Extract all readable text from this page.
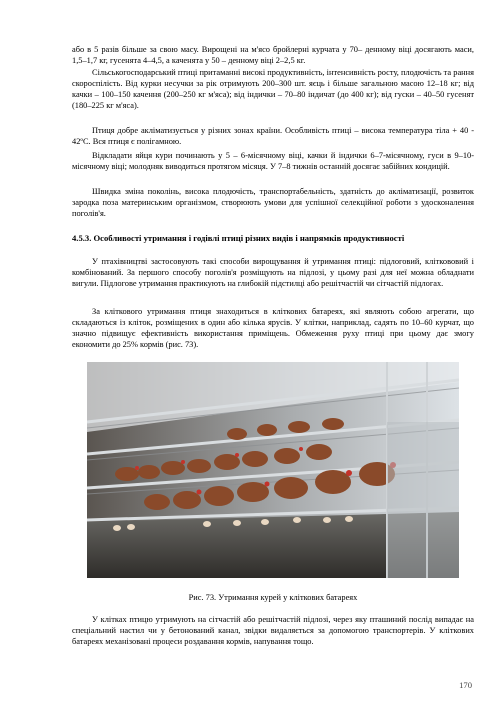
або в 5 разів більше за свою масу. Вирощені на м'ясо бройлерні курчата у 70– денному віці досягають маси, 1,5–1,7 кг, гусенята 4–4,5, а каченята у 50 – денному віці 2–2,5 кг.

Сільськогосподарський птиці притаманні високі продуктивність, інтенсивність росту, плодючість та рання скороспілість. Від курки несучки за рік отримують 200–300 шт. яєць і більше загальною масою 12–18 кг; від качки – 100–150 качення (200–250 кг м'яса); від індички – 70–80 індичат (до 400 кг); від гуски – 40–50 гусенят (180–225 кг м'яса).

Птиця добре акліматизується у різних зонах країни. Особливість птиці – висока температура тіла + 40 - 42ºС. Вся птиця є полігамною.

Відкладати яйця кури починають у 5 – 6-місячному віці, качки й індички 6–7-місячному, гуси в 9–10-місячному віці; молодняк виводиться протягом місяця. У 7–8 тижнів останній досягає забійних кондицій.

Швидка зміна поколінь, висока плодючість, транспортабельність, здатність до акліматизації, розвиток зародка поза материнським організмом, створюють умови для успішної селекційної роботи з удосконалення поголів'я.

4.5.3. Особливості утримання і годівлі птиці різних видів і напрямків продуктивності

У птахівництві застосовують такі способи вирощування й утримання птиці: підлоговий, кліткововий і комбінований. За першого способу поголів'я розміщують на підлозі, у цьому разі для неї можна обладнати вигули. Підлогове утримання практикують на глибокій підстилці або решітчастій чи сітчастій підлогах.

За кліткового утримання птиця знаходиться в кліткових батареях, які являють собою агрегати, що складаються із кліток, розміщених в один або кілька ярусів. У клітки, наприклад, садять по 10–60 курчат, що значно підвищує ефективність використання приміщень. Обмеження руху птиці при цьому дає змогу економити до 25% кормів (рис. 73).

Рис. 73. Утримання курей у кліткових батареях

У клітках птицю утримують на сітчастій або решітчастій підлозі, через яку пташиний послід випадає на спеціальний настил чи у бетонований канал, звідки видаляється за допомогою транспортерів. У кліткових батареях механізовані процеси роздавання кормів, напування тощо.

170
